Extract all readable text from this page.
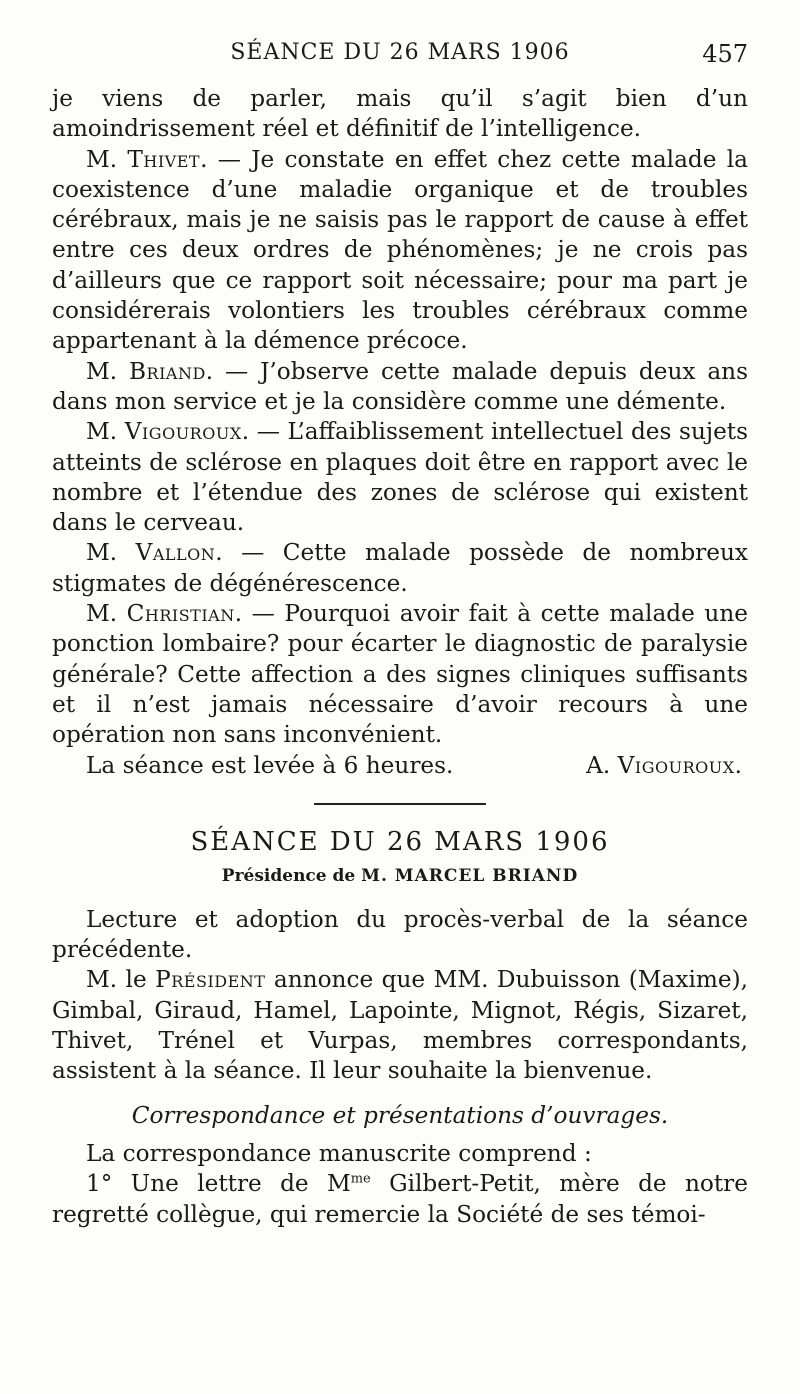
SÉANCE DU 26 MARS 1906	457

je viens de parler, mais qu’il s’agit bien d’un amoindrissement réel et définitif de l’intelligence.

M. Thivet. — Je constate en effet chez cette malade la coexistence d’une maladie organique et de troubles cérébraux, mais je ne saisis pas le rapport de cause à effet entre ces deux ordres de phénomènes; je ne crois pas d’ailleurs que ce rapport soit nécessaire; pour ma part je considérerais volontiers les troubles cérébraux comme appartenant à la démence précoce.

M. Briand. — J’observe cette malade depuis deux ans dans mon service et je la considère comme une démente.

M. Vigouroux. — L’affaiblissement intellectuel des sujets atteints de sclérose en plaques doit être en rapport avec le nombre et l’étendue des zones de sclérose qui existent dans le cerveau.

M. Vallon. — Cette malade possède de nombreux stigmates de dégénérescence.

M. Christian. — Pourquoi avoir fait à cette malade une ponction lombaire? pour écarter le diagnostic de paralysie générale? Cette affection a des signes cliniques suffisants et il n’est jamais nécessaire d’avoir recours à une opération non sans inconvénient.

La séance est levée à 6 heures.	A. Vigouroux.

SÉANCE DU 26 MARS 1906

Présidence de M. MARCEL BRIAND

Lecture et adoption du procès-verbal de la séance précédente.

M. le Président annonce que MM. Dubuisson (Maxime), Gimbal, Giraud, Hamel, Lapointe, Mignot, Régis, Sizaret, Thivet, Trénel et Vurpas, membres correspondants, assistent à la séance. Il leur souhaite la bienvenue.

Correspondance et présentations d’ouvrages.

La correspondance manuscrite comprend :

1° Une lettre de $M^{me}$ Gilbert-Petit, mère de notre regretté collègue, qui remercie la Société de ses témoi-
